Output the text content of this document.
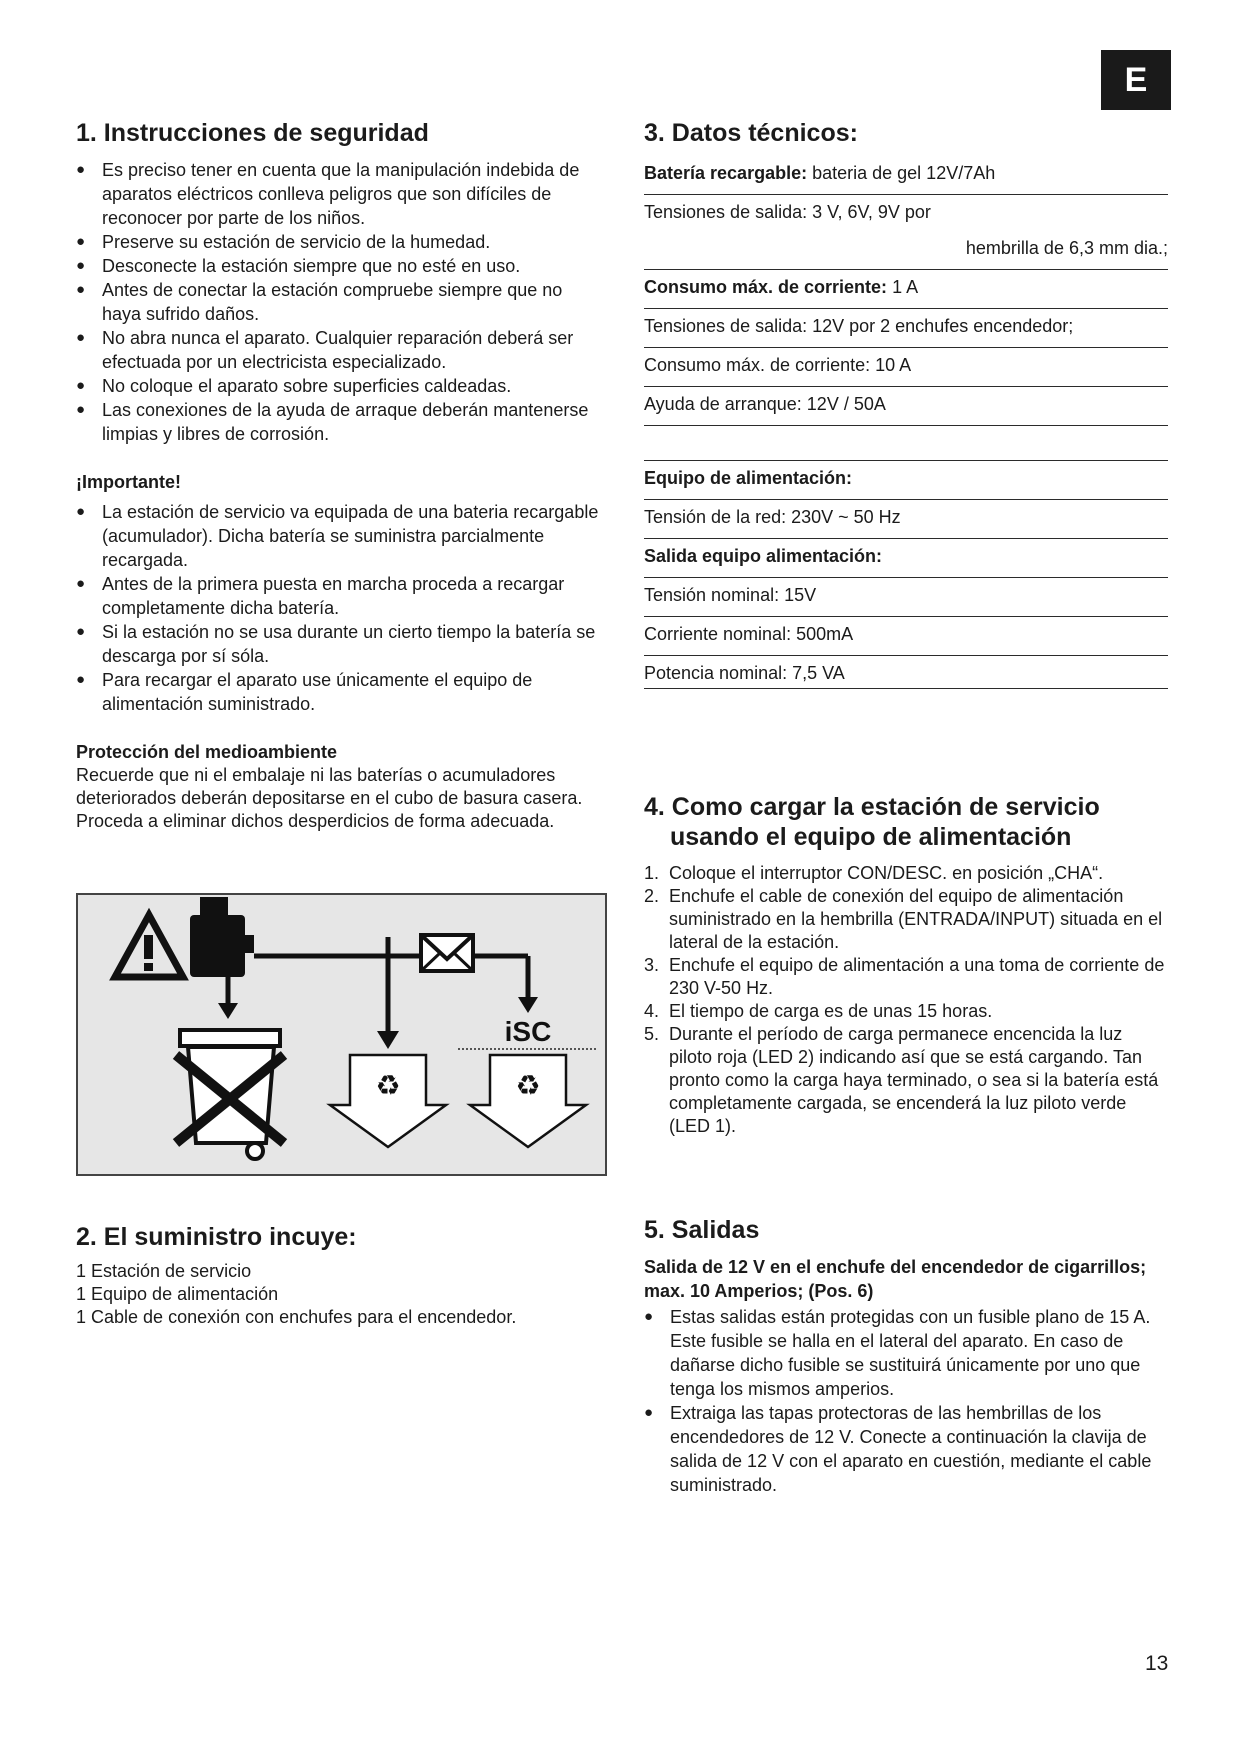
E
1. Instrucciones de seguridad
● Es preciso tener en cuenta que la manipulación indebida de aparatos eléctricos conlleva peligros que son difíciles de reconocer por parte de los niños.
● Preserve su estación de servicio de la humedad.
● Desconecte la estación siempre que no esté en uso.
● Antes de conectar la estación compruebe siempre que no haya sufrido daños.
● No abra nunca el aparato. Cualquier reparación deberá ser efectuada por un electricista especializado.
● No coloque el aparato sobre superficies caldeadas.
● Las conexiones de la ayuda de arraque deberán mantenerse limpias y libres de corrosión.
¡Importante!
● La estación de servicio va equipada de una bateria recargable (acumulador). Dicha batería se suministra parcialmente recargada.
● Antes de la primera puesta en marcha proceda a recargar completamente dicha batería.
● Si la estación no se usa durante un cierto tiempo la batería se descarga por sí sóla.
● Para recargar el aparato use únicamente el equipo de alimentación suministrado.
Protección del medioambiente
Recuerde que ni el embalaje ni las baterías o acumuladores deteriorados deberán depositarse en el cubo de basura casera. Proceda a eliminar dichos desperdicios de forma adecuada.
♻
iSC
♻
2. El suministro incuye:
1 Estación de servicio
1 Equipo de alimentación
1 Cable de conexión con enchufes para el encendedor.
3. Datos técnicos:
Batería recargable: bateria de gel 12V/7Ah
Tensiones de salida: 3 V, 6V, 9V por
hembrilla de 6,3 mm dia.;
Consumo máx. de corriente: 1 A
Tensiones de salida: 12V por 2 enchufes encendedor;
Consumo máx. de corriente: 10 A
Ayuda de arranque: 12V / 50A
Equipo de alimentación:
Tensión de la red: 230V ~ 50 Hz
Salida equipo alimentación:
Tensión nominal: 15V
Corriente nominal: 500mA
Potencia nominal: 7,5 VA
4. Como cargar la estación de servicio
usando el equipo de alimentación
1. Coloque el interruptor CON/DESC. en posición „CHA“.
2. Enchufe el cable de conexión del equipo de alimentación suministrado en la hembrilla (ENTRADA/INPUT) situada en el lateral de la estación.
3. Enchufe el equipo de alimentación a una toma de corriente de 230 V-50 Hz.
4. El tiempo de carga es de unas 15 horas.
5. Durante el período de carga permanece encencida la luz piloto roja (LED 2) indicando así que se está cargando. Tan pronto como la carga haya terminado, o sea si la batería está completamente cargada, se encenderá la luz piloto verde (LED 1).
5. Salidas
Salida de 12 V en el enchufe del encendedor de cigarrillos; max. 10 Amperios; (Pos. 6)
● Estas salidas están protegidas con un fusible plano de 15 A. Este fusible se halla en el lateral del aparato. En caso de dañarse dicho fusible se sustituirá únicamente por uno que tenga los mismos amperios.
● Extraiga las tapas protectoras de las hembrillas de los encendedores de 12 V. Conecte a continuación la clavija de salida de 12 V con el aparato en cuestión, mediante el cable suministrado.
13
